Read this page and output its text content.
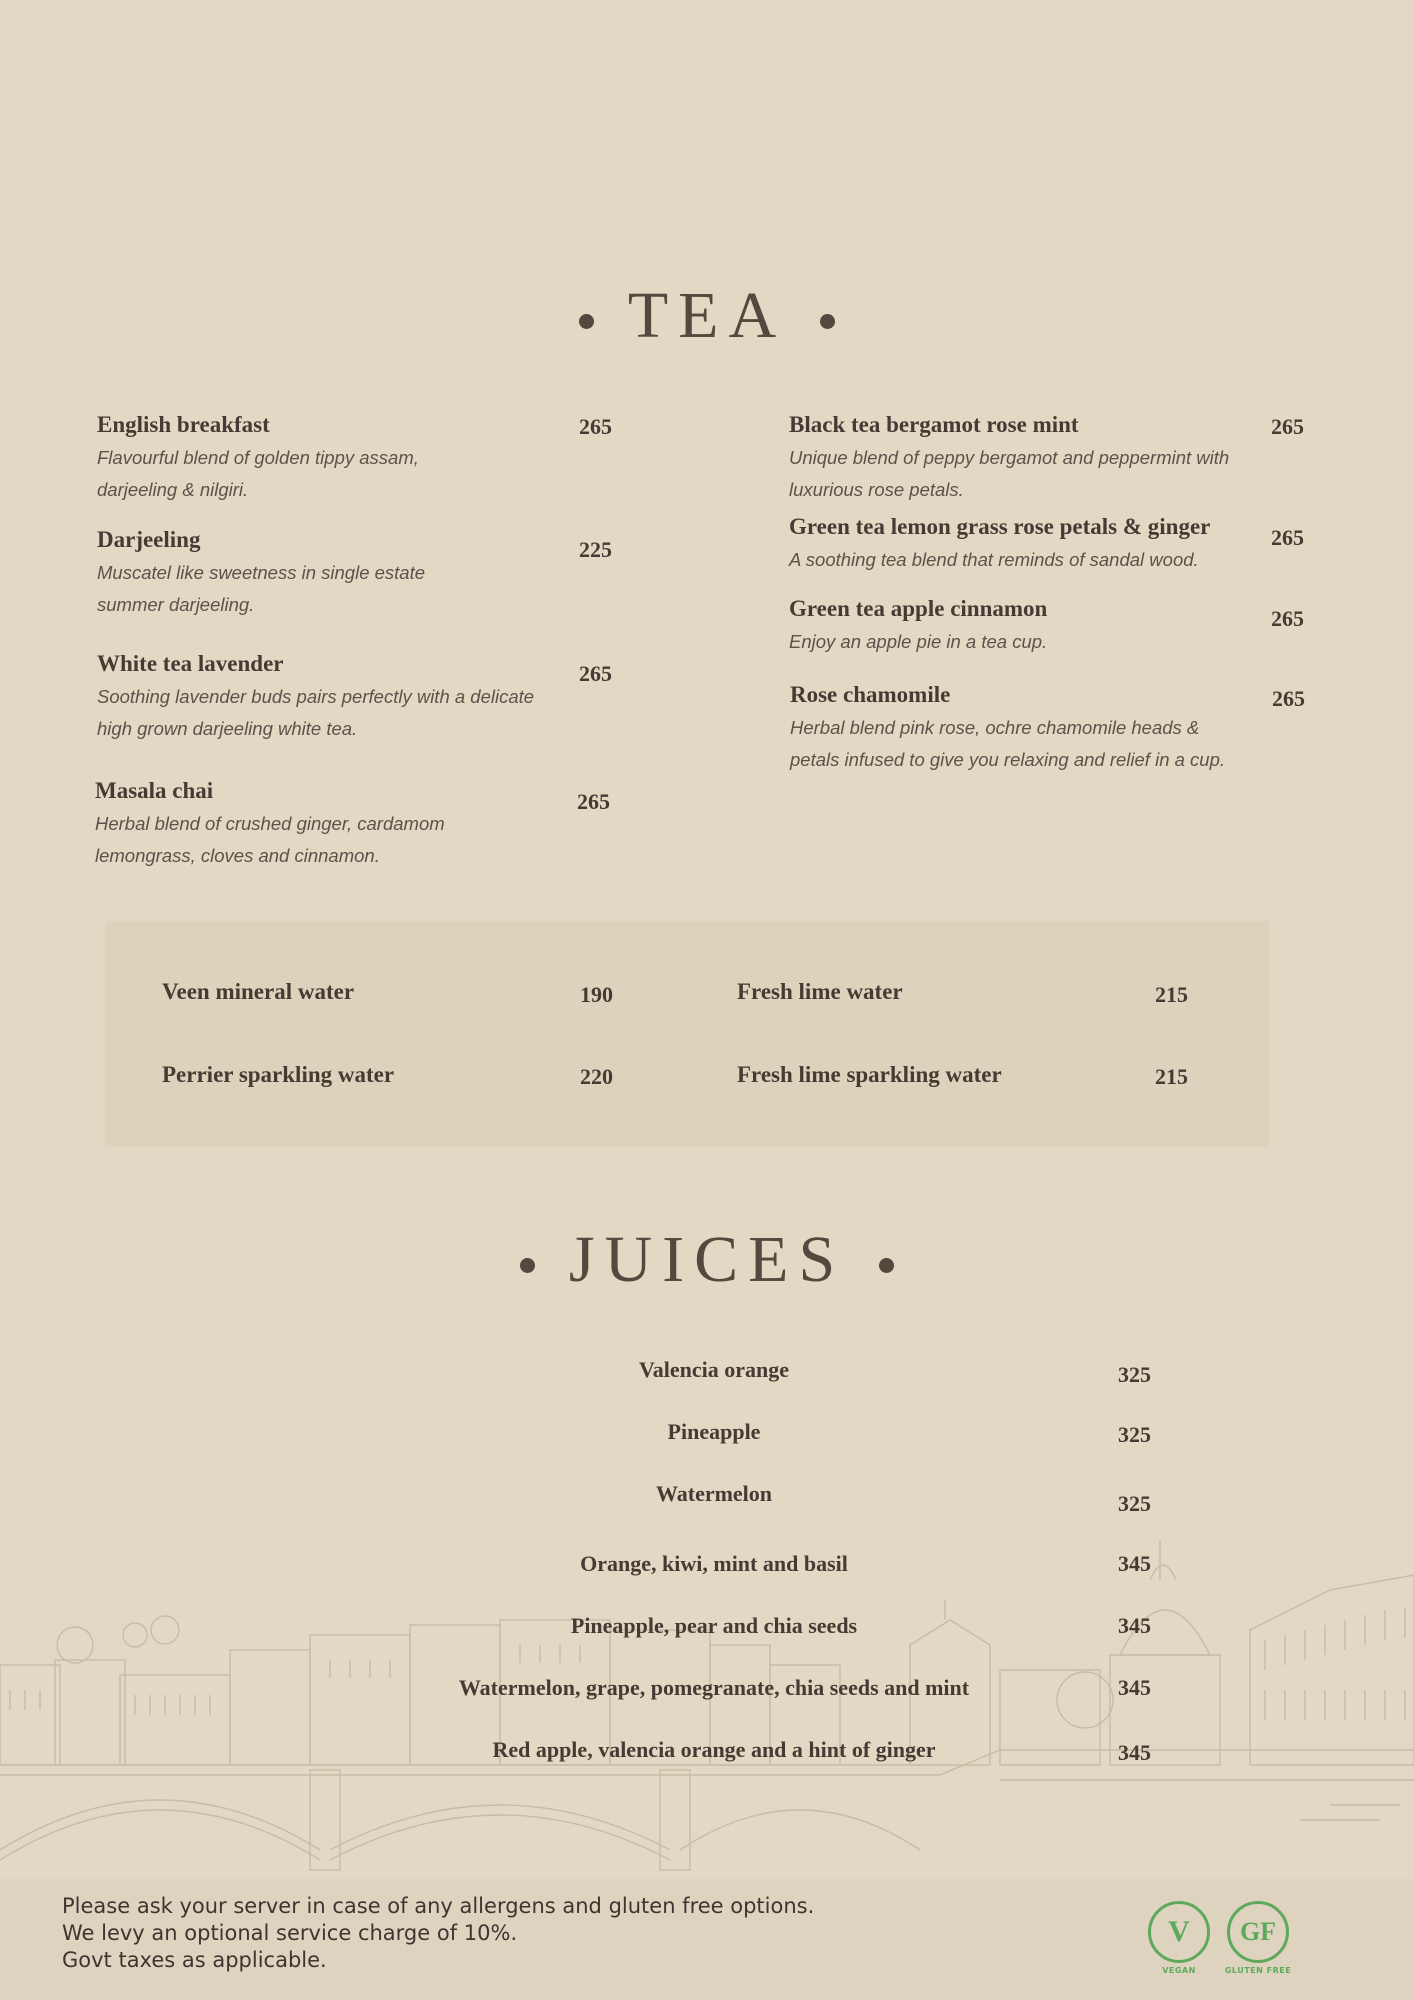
TEA
English breakfast
Flavourful blend of golden tippy assam,
darjeeling & nilgiri.
265
Darjeeling
Muscatel like sweetness in single estate
summer darjeeling.
225
White tea lavender
Soothing lavender buds pairs perfectly with a delicate
high grown darjeeling white tea.
265
Masala chai
Herbal blend of crushed ginger, cardamom
lemongrass, cloves and cinnamon.
265
Black tea bergamot rose mint
Unique blend of peppy bergamot and peppermint with
luxurious rose petals.
265
Green tea lemon grass rose petals & ginger
A soothing tea blend that reminds of sandal wood.
265
Green tea apple cinnamon
Enjoy an apple pie in a tea cup.
265
Rose chamomile
Herbal blend pink rose, ochre chamomile heads &
petals infused to give you relaxing and relief in a cup.
265
Veen mineral water	190	Fresh lime water	215
Perrier sparkling water	220	Fresh lime sparkling water	215
JUICES
Valencia orange	325
Pineapple	325
Watermelon	325
Orange, kiwi, mint and basil	345
Pineapple, pear and chia seeds	345
Watermelon, grape, pomegranate, chia seeds and mint	345
Red apple, valencia orange and a hint of ginger	345
Please ask your server in case of any allergens and gluten free options.
We levy an optional service charge of 10%.
Govt taxes as applicable.
V
VEGAN
GF
GLUTEN FREE
